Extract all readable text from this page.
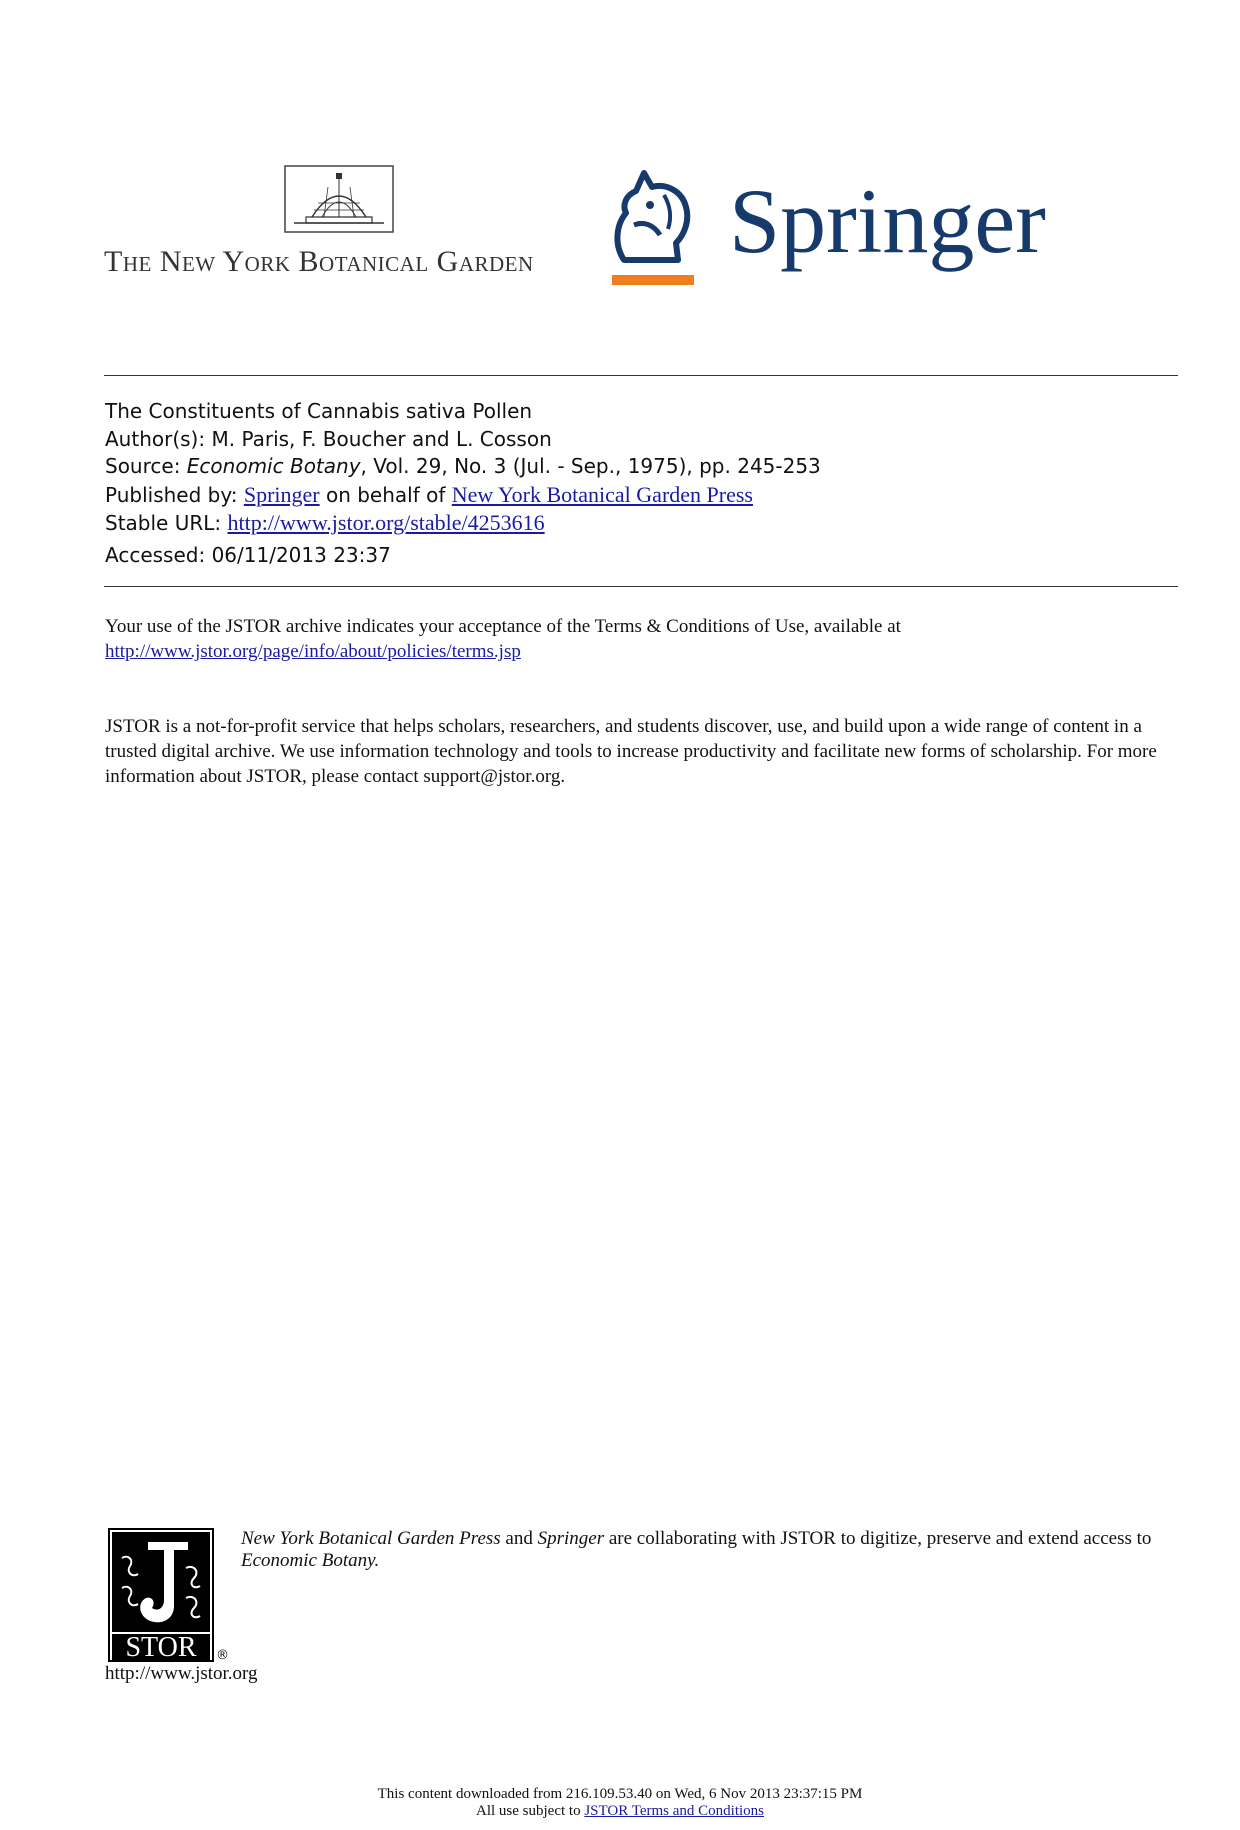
The New York Botanical Garden Springer
The Constituents of Cannabis sativa Pollen
Author(s): M. Paris, F. Boucher and L. Cosson
Source: Economic Botany, Vol. 29, No. 3 (Jul. - Sep., 1975), pp. 245-253
Published by: Springer on behalf of New York Botanical Garden Press
Stable URL: http://www.jstor.org/stable/4253616
Accessed: 06/11/2013 23:37
Your use of the JSTOR archive indicates your acceptance of the Terms & Conditions of Use, available at
http://www.jstor.org/page/info/about/policies/terms.jsp
JSTOR is a not-for-profit service that helps scholars, researchers, and students discover, use, and build upon a wide range of content in a trusted digital archive. We use information technology and tools to increase productivity and facilitate new forms of scholarship. For more information about JSTOR, please contact support@jstor.org.
STOR ®
http://www.jstor.org
New York Botanical Garden Press and Springer are collaborating with JSTOR to digitize, preserve and extend access to Economic Botany.
This content downloaded from 216.109.53.40 on Wed, 6 Nov 2013 23:37:15 PM
All use subject to JSTOR Terms and Conditions
